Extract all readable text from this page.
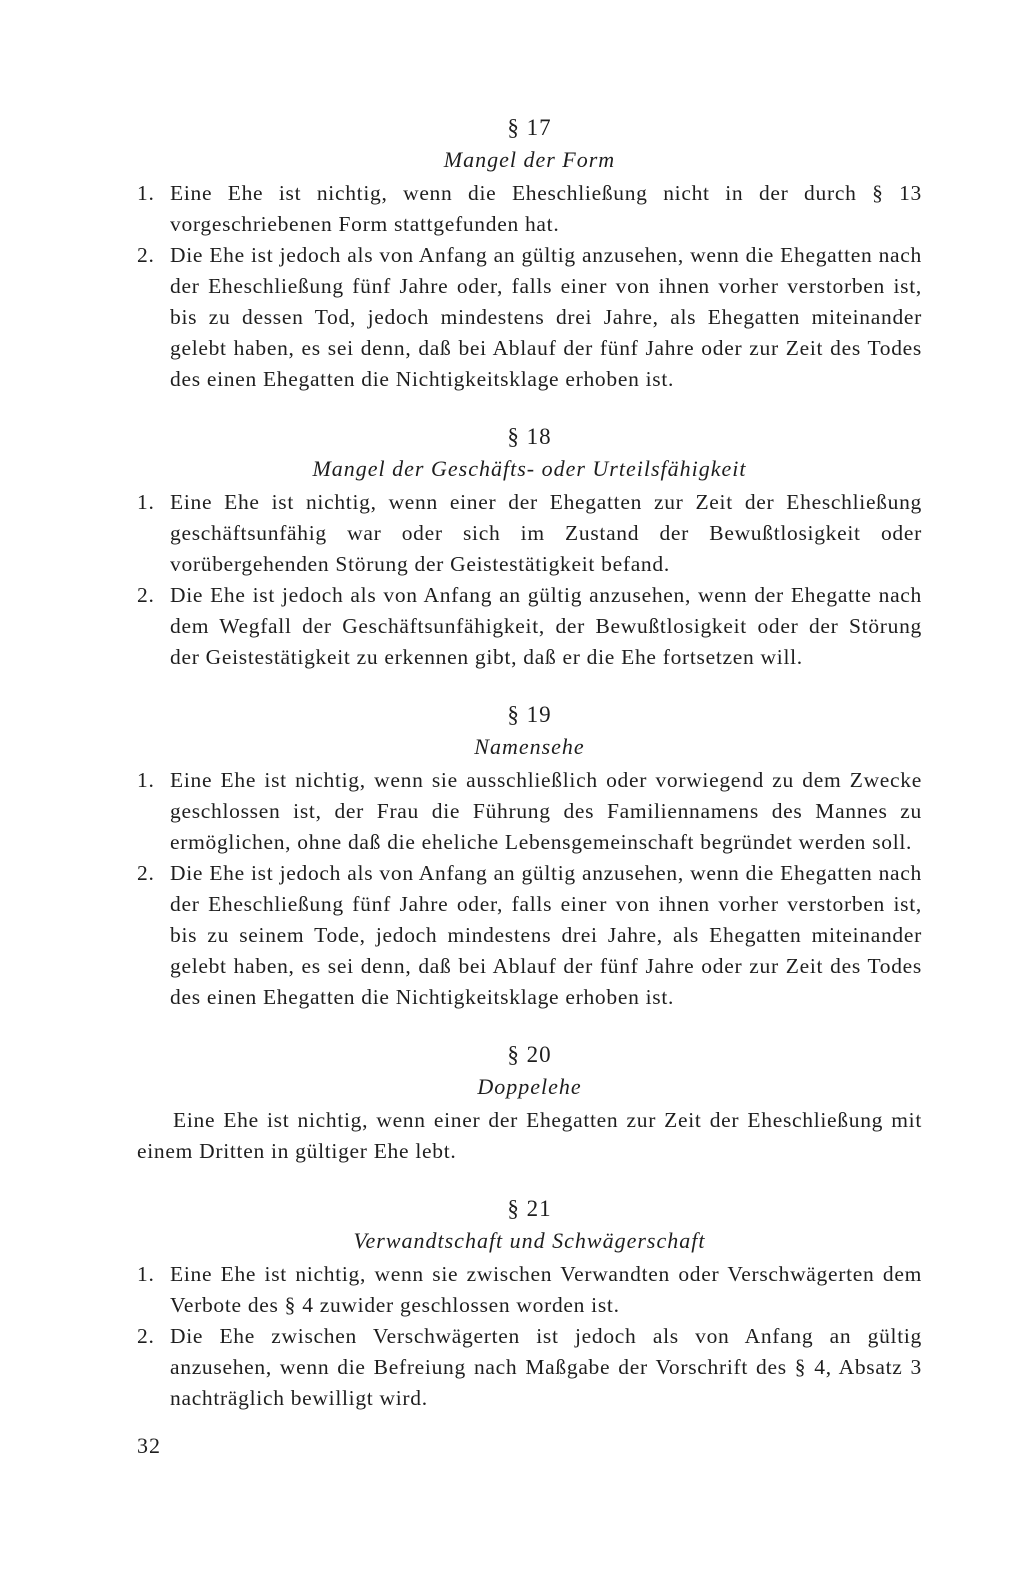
§ 17
Mangel der Form
1. Eine Ehe ist nichtig, wenn die Eheschließung nicht in der durch § 13 vorgeschriebenen Form stattgefunden hat.
2. Die Ehe ist jedoch als von Anfang an gültig anzusehen, wenn die Ehegatten nach der Eheschließung fünf Jahre oder, falls einer von ihnen vorher verstorben ist, bis zu dessen Tod, jedoch mindestens drei Jahre, als Ehegatten miteinander gelebt haben, es sei denn, daß bei Ablauf der fünf Jahre oder zur Zeit des Todes des einen Ehegatten die Nichtigkeitsklage erhoben ist.
§ 18
Mangel der Geschäfts- oder Urteilsfähigkeit
1. Eine Ehe ist nichtig, wenn einer der Ehegatten zur Zeit der Eheschließung geschäftsunfähig war oder sich im Zustand der Bewußtlosigkeit oder vorübergehenden Störung der Geistestätigkeit befand.
2. Die Ehe ist jedoch als von Anfang an gültig anzusehen, wenn der Ehegatte nach dem Wegfall der Geschäftsunfähigkeit, der Bewußtlosigkeit oder der Störung der Geistestätigkeit zu erkennen gibt, daß er die Ehe fortsetzen will.
§ 19
Namensehe
1. Eine Ehe ist nichtig, wenn sie ausschließlich oder vorwiegend zu dem Zwecke geschlossen ist, der Frau die Führung des Familiennamens des Mannes zu ermöglichen, ohne daß die eheliche Lebensgemeinschaft begründet werden soll.
2. Die Ehe ist jedoch als von Anfang an gültig anzusehen, wenn die Ehegatten nach der Eheschließung fünf Jahre oder, falls einer von ihnen vorher verstorben ist, bis zu seinem Tode, jedoch mindestens drei Jahre, als Ehegatten miteinander gelebt haben, es sei denn, daß bei Ablauf der fünf Jahre oder zur Zeit des Todes des einen Ehegatten die Nichtigkeitsklage erhoben ist.
§ 20
Doppelehe
Eine Ehe ist nichtig, wenn einer der Ehegatten zur Zeit der Eheschließung mit einem Dritten in gültiger Ehe lebt.
§ 21
Verwandtschaft und Schwägerschaft
1. Eine Ehe ist nichtig, wenn sie zwischen Verwandten oder Verschwägerten dem Verbote des § 4 zuwider geschlossen worden ist.
2. Die Ehe zwischen Verschwägerten ist jedoch als von Anfang an gültig anzusehen, wenn die Befreiung nach Maßgabe der Vorschrift des § 4, Absatz 3 nachträglich bewilligt wird.
32
